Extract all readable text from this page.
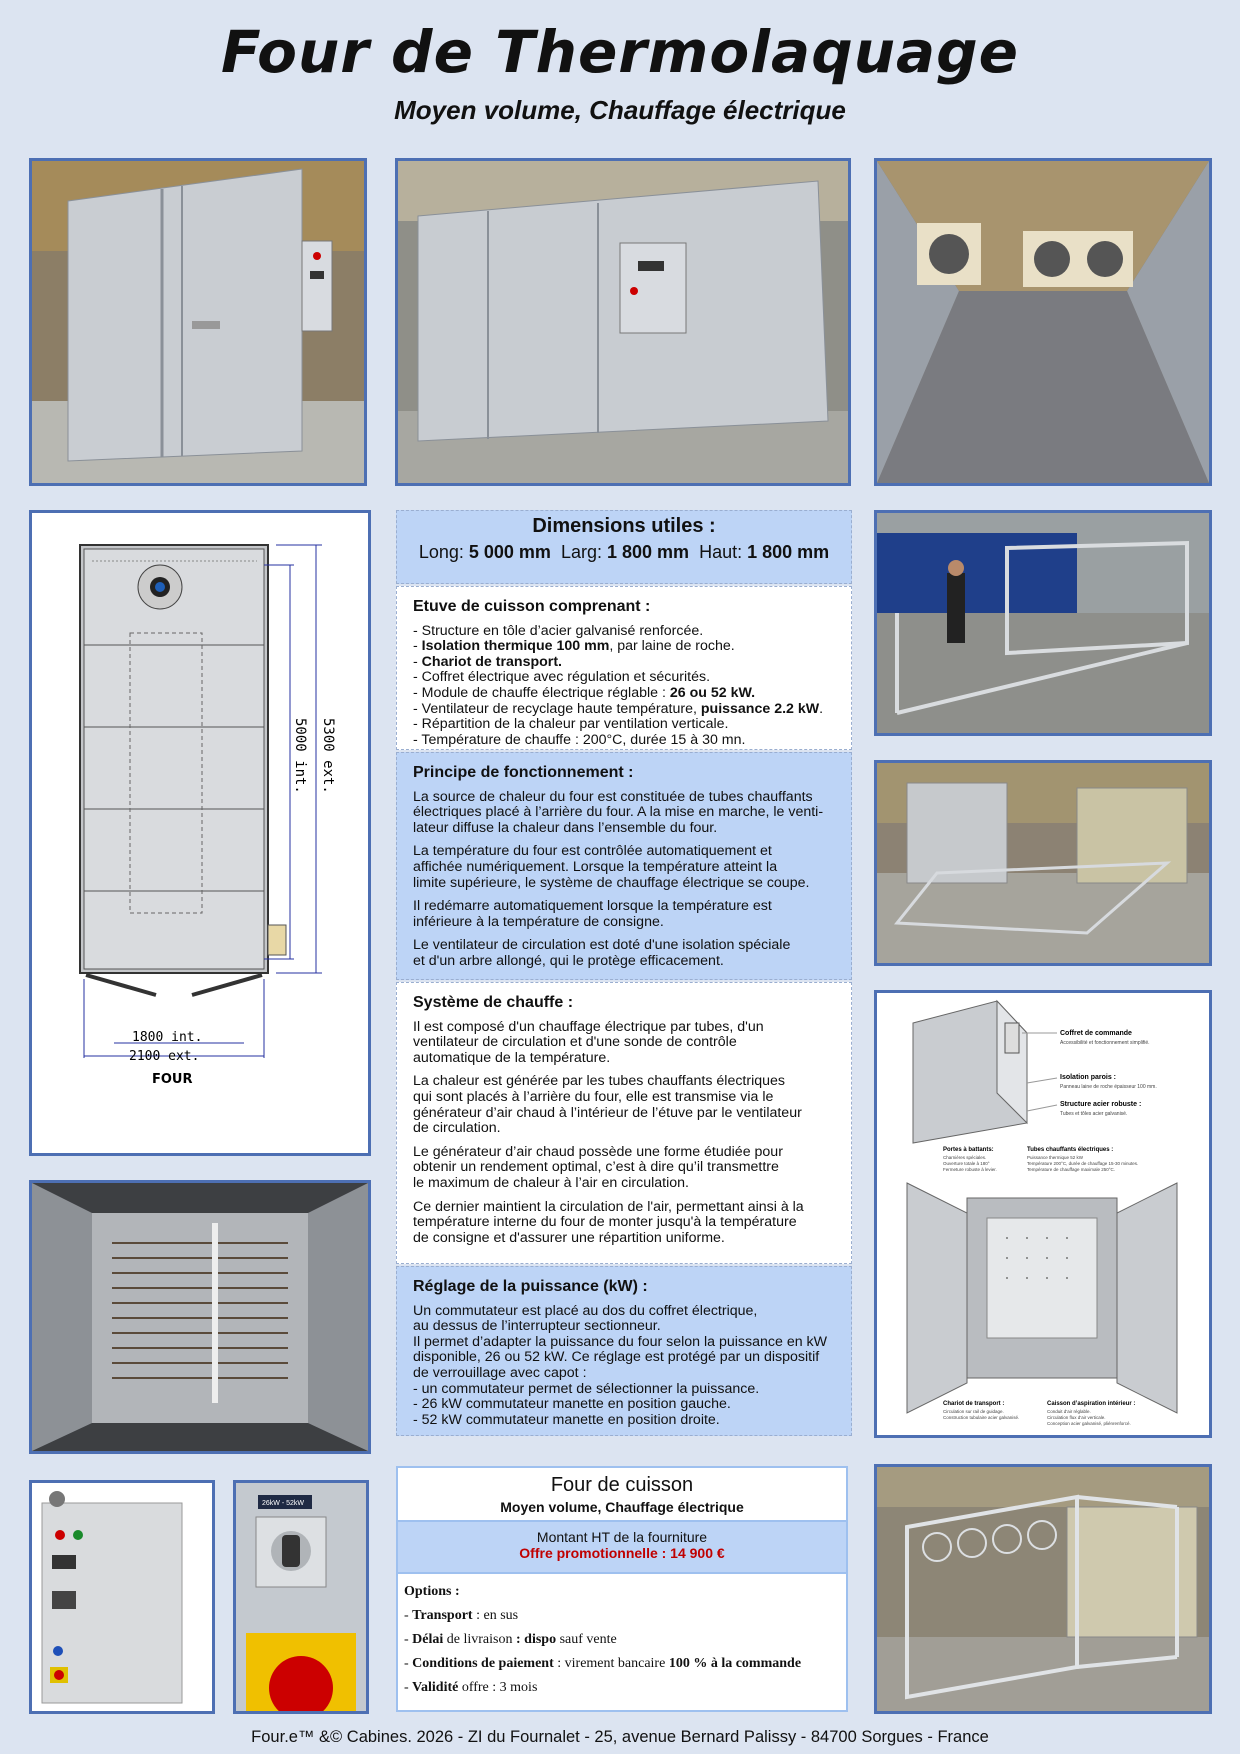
Four de Thermolaquage
Moyen volume, Chauffage électrique
5300 ext.
5000 int.
1800 int.
2100 ext.
FOUR
Dimensions utiles :
Long: 5 000 mm Larg: 1 800 mm Haut: 1 800 mm
Etuve de cuisson comprenant :
- Structure en tôle d’acier galvanisé renforcée.
- Isolation thermique 100 mm, par laine de roche.
- Chariot de transport.
- Coffret électrique avec régulation et sécurités.
- Module de chauffe électrique réglable : 26 ou 52 kW.
- Ventilateur de recyclage haute température, puissance 2.2 kW.
- Répartition de la chaleur par ventilation verticale.
- Température de chauffe : 200°C, durée 15 à 30 mn.
Principe de fonctionnement :

La source de chaleur du four est constituée de tubes chauffants
électriques placé à l’arrière du four. A la mise en marche, le venti-
lateur diffuse la chaleur dans l’ensemble du four.

La température du four est contrôlée automatiquement et
affichée numériquement. Lorsque la température atteint la
limite supérieure, le système de chauffage électrique se coupe.

Il redémarre automatiquement lorsque la température est
inférieure à la température de consigne.

Le ventilateur de circulation est doté d'une isolation spéciale
et d'un arbre allongé, qui le protège efficacement.

Système de chauffe :

Il est composé d'un chauffage électrique par tubes, d'un
ventilateur de circulation et d'une sonde de contrôle
automatique de la température.

La chaleur est générée par les tubes chauffants électriques
qui sont placés à l’arrière du four, elle est transmise via le
générateur d’air chaud à l’intérieur de l’étuve par le ventilateur
de circulation.

Le générateur d’air chaud possède une forme étudiée pour
obtenir un rendement optimal, c’est à dire qu’il transmettre
le maximum de chaleur à l’air en circulation.

Ce dernier maintient la circulation de l'air, permettant ainsi à la
température interne du four de monter jusqu'à la température
de consigne et d'assurer une répartition uniforme.

Réglage de la puissance (kW) :
Un commutateur est placé au dos du coffret électrique,
au dessus de l’interrupteur sectionneur.
Il permet d’adapter la puissance du four selon la puissance en kW
disponible, 26 ou 52 kW. Ce réglage est protégé par un dispositif
de verrouillage avec capot :
- un commutateur permet de sélectionner la puissance.
- 26 kW commutateur manette en position gauche.
- 52 kW commutateur manette en position droite.
Four de cuisson
Moyen volume, Chauffage électrique
Montant HT de la fourniture
Offre promotionnelle : 14 900 €
Options :
- Transport : en sus
- Délai de livraison : dispo sauf vente
- Conditions de paiement : virement bancaire 100 % à la commande
- Validité offre : 3 mois
Coffret de commande
Accessibilité et fonctionnement simplifié.
Isolation parois :
Panneau laine de roche épaisseur 100 mm.
Structure acier robuste :
Tubes et tôles acier galvanisé.
Portes à battants:
Charnières spéciales.
Ouverture totale à 180°
Fermeture robuste à levier.
Tubes chauffants électriques :
Puissance thermique 52 kW
Température 200°C, durée de chauffage 15-30 minutes.
Température de chauffage maximale 250°C.
Chariot de transport :
Circulation sur rail de guidage.
Construction tubulaire acier galvanisé.
Caisson d’aspiration intérieur :
Conduit d’air réglable.
Circulation flux d’air verticale.
Conception acier galvanisé, pliénrenforcé.
26kW - 52kW
Four.e™ &© Cabines. 2026 - ZI du Fournalet - 25, avenue Bernard Palissy - 84700 Sorgues - France
